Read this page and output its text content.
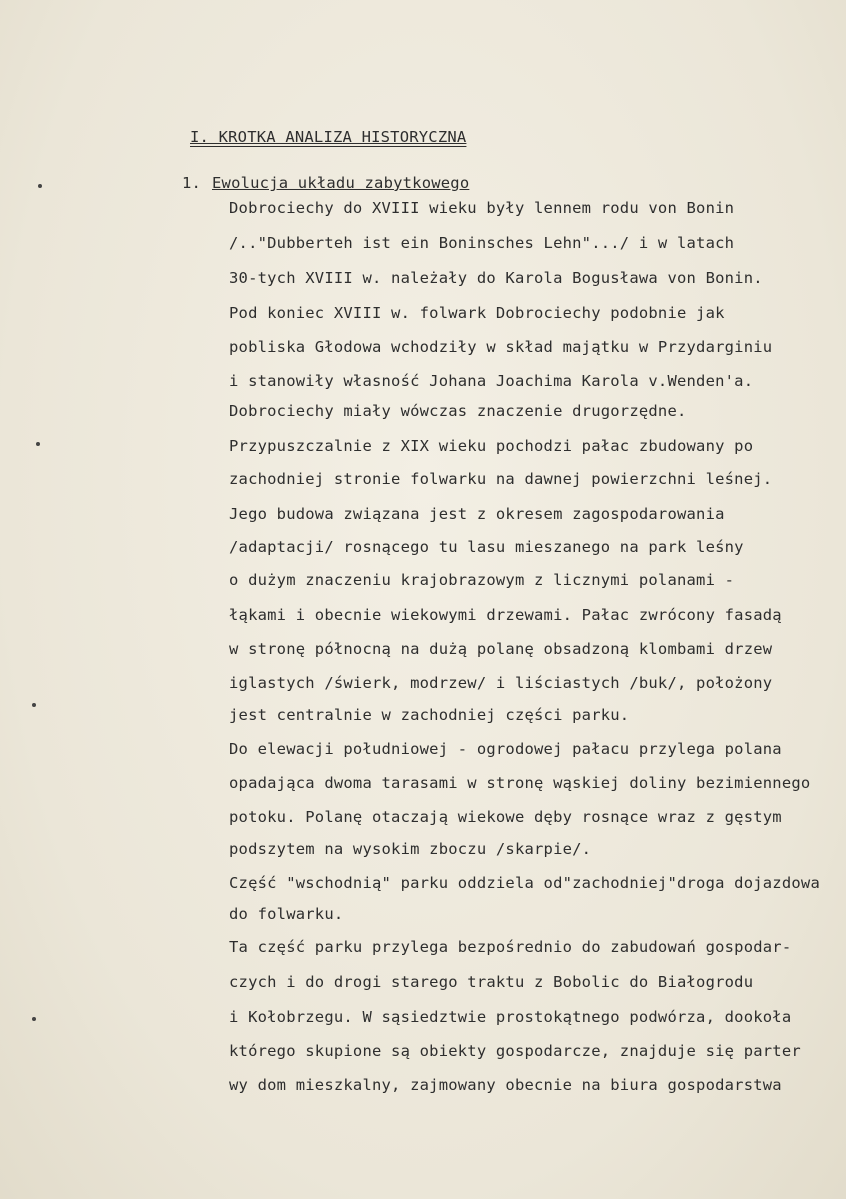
I. KROTKA ANALIZA HISTORYCZNA
1. Ewolucja układu zabytkowego
Dobrociechy do XVIII wieku były lennem rodu von Bonin
/.."Dubberteh ist ein Boninsches Lehn".../ i w latach
30-tych XVIII w. należały do Karola Bogusława von Bonin.
Pod koniec XVIII w. folwark Dobrociechy podobnie jak
pobliska Głodowa wchodziły w skład majątku w Przydarginiu
i stanowiły własność Johana Joachima Karola v.Wenden'a.
Dobrociechy miały wówczas znaczenie drugorzędne.
Przypuszczalnie z XIX wieku pochodzi pałac zbudowany po
zachodniej stronie folwarku na dawnej powierzchni leśnej.
Jego budowa związana jest z okresem zagospodarowania
/adaptacji/ rosnącego tu lasu mieszanego na park leśny
o dużym znaczeniu krajobrazowym z licznymi polanami -
łąkami i obecnie wiekowymi drzewami. Pałac zwrócony fasadą
w stronę północną na dużą polanę obsadzoną klombami drzew
iglastych /świerk, modrzew/ i liściastych /buk/, położony
jest centralnie w zachodniej części parku.
Do elewacji południowej - ogrodowej pałacu przylega polana
opadająca dwoma tarasami w stronę wąskiej doliny bezimiennego
potoku. Polanę otaczają wiekowe dęby rosnące wraz z gęstym
podszytem na wysokim zboczu /skarpie/.
Część "wschodnią" parku oddziela od"zachodniej"droga dojazdowa
do folwarku.
Ta część parku przylega bezpośrednio do zabudowań gospodar-
czych i do drogi starego traktu z Bobolic do Białogrodu
i Kołobrzegu. W sąsiedztwie prostokątnego podwórza, dookoła
którego skupione są obiekty gospodarcze, znajduje się parter
wy dom mieszkalny, zajmowany obecnie na biura gospodarstwa
